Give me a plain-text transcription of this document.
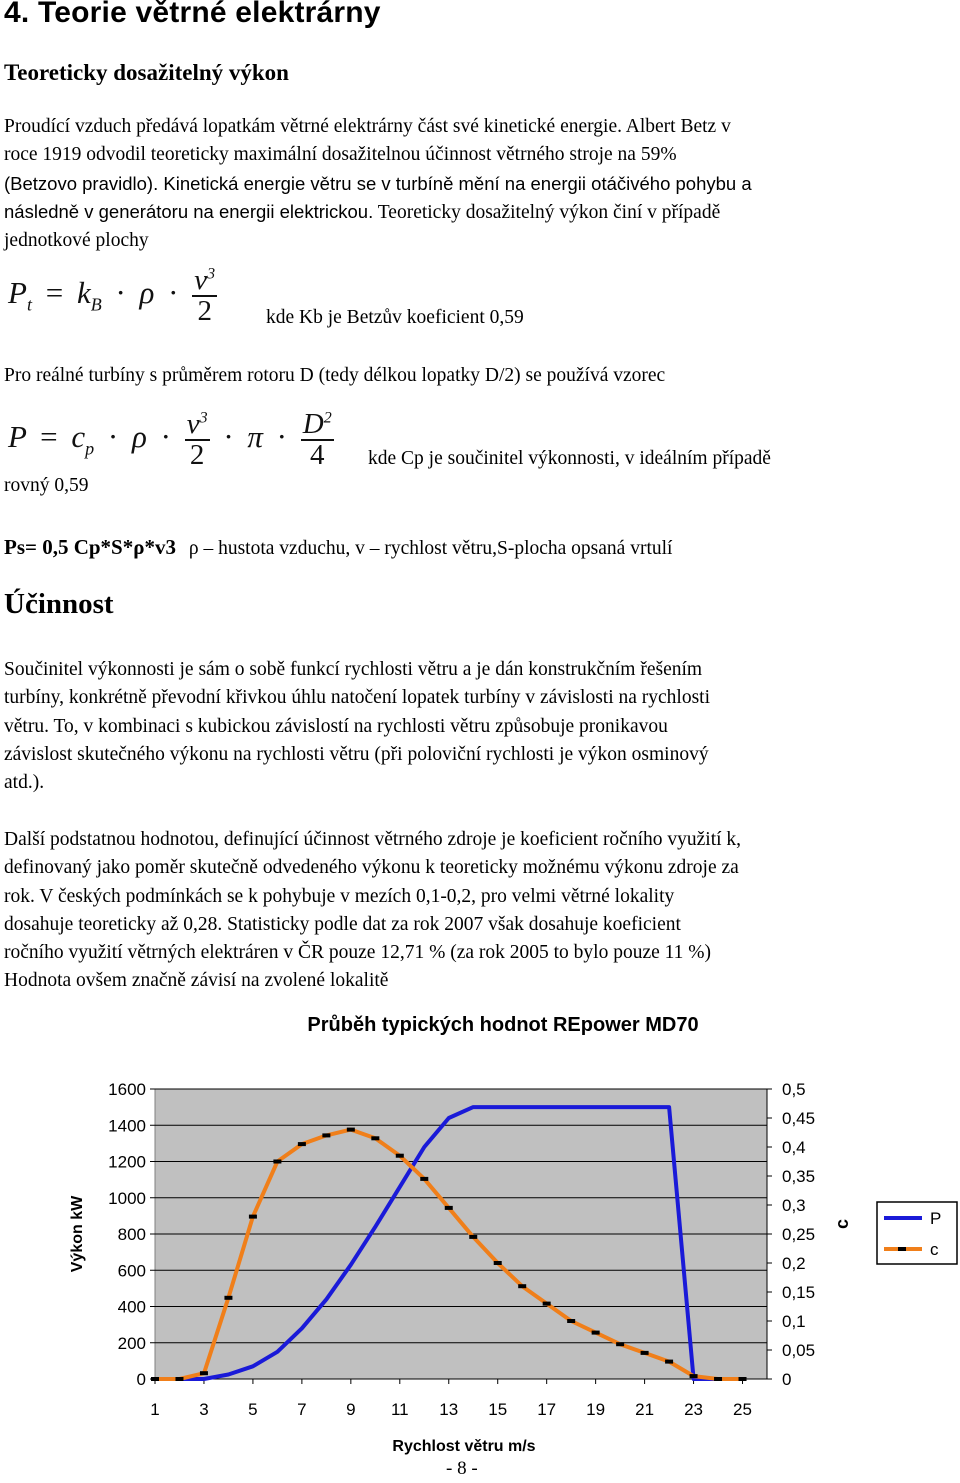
4. Teorie větrné elektrárny
Teoreticky dosažitelný výkon
Proudící vzduch předává lopatkám větrné elektrárny část své kinetické energie. Albert Betz v
roce 1919 odvodil teoreticky maximální dosažitelnou účinnost větrného stroje na 59%
(Betzovo pravidlo). Kinetická energie větru se v turbíně mění na energii otáčivého pohybu a
následně v generátoru na energii elektrickou. Teoreticky dosažitelný výkon činí v případě
jednotkové plochy
$P_t = k_B \cdot \rho \cdot \frac{v^3}{2}$	kde Kb je Betzův koeficient 0,59
Pro reálné turbíny s průměrem rotoru D (tedy délkou lopatky D/2) se používá vzorec
$P = c_p \cdot \rho \cdot \frac{v^3}{2} \cdot \pi \cdot \frac{D^2}{4}$ kde Cp je součinitel výkonnosti, v ideálním případě
rovný 0,59
Ps= 0,5 Cp*S*ρ*v3 ρ – hustota vzduchu, v – rychlost větru,S-plocha opsaná vrtulí
Účinnost
Součinitel výkonnosti je sám o sobě funkcí rychlosti větru a je dán konstrukčním řešením
turbíny, konkrétně převodní křivkou úhlu natočení lopatek turbíny v závislosti na rychlosti
větru. To, v kombinaci s kubickou závislostí na rychlosti větru způsobuje pronikavou
závislost skutečného výkonu na rychlosti větru (při poloviční rychlosti je výkon osminový
atd.).
Další podstatnou hodnotou, definující účinnost větrného zdroje je koeficient ročního využití k,
definovaný jako poměr skutečně odvedeného výkonu k teoreticky možnému výkonu zdroje za
rok. V českých podmínkách se k pohybuje v mezích 0,1-0,2, pro velmi větrné lokality
dosahuje teoreticky až 0,28. Statisticky podle dat za rok 2007 však dosahuje koeficient
ročního využití větrných elektráren v ČR pouze 12,71 % (za rok 2005 to bylo pouze 11 %)
Hodnota ovšem značně závisí na zvolené lokalitě
Průběh typických hodnot REpower MD70
0
200
400
600
800
1000
1200
1400
1600
0
0,05
0,1
0,15
0,2
0,25
0,3
0,35
0,4
0,45
0,5
1 3 5 7 9 11 13 15 17 19 21 23 25
Výkon kW	c
Rychlost větru m/s
P
c
- 8 -
